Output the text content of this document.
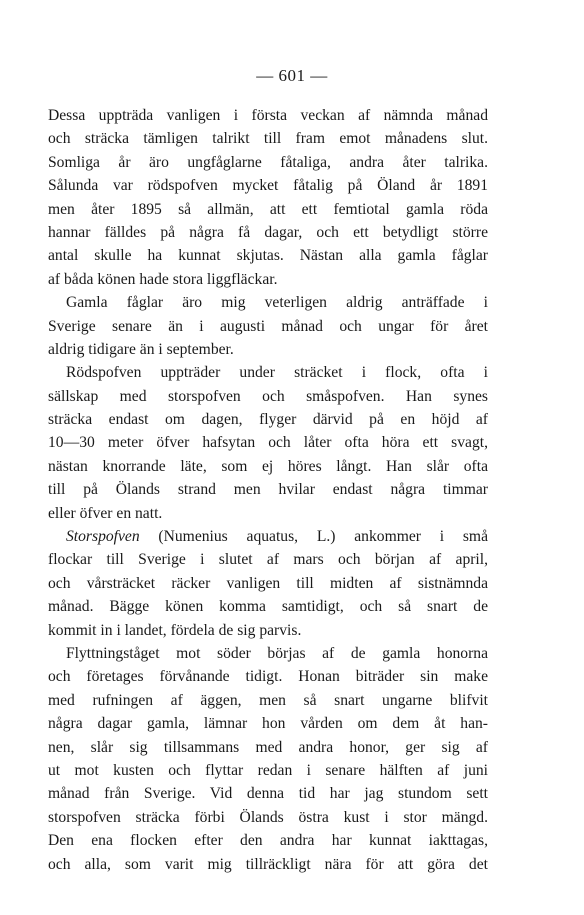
— 601 —
Dessa uppträda vanligen i första veckan af nämnda månad
och sträcka tämligen talrikt till fram emot månadens slut.
Somliga år äro ungfåglarne fåtaliga, andra åter talrika.
Sålunda var rödspofven mycket fåtalig på Öland år 1891
men åter 1895 så allmän, att ett femtiotal gamla röda
hannar fälldes på några få dagar, och ett betydligt större
antal skulle ha kunnat skjutas. Nästan alla gamla fåglar
af båda könen hade stora liggfläckar.
Gamla fåglar äro mig veterligen aldrig anträffade i
Sverige senare än i augusti månad och ungar för året
aldrig tidigare än i september.
Rödspofven uppträder under sträcket i flock, ofta i
sällskap med storspofven och småspofven. Han synes
sträcka endast om dagen, flyger därvid på en höjd af
10—30 meter öfver hafsytan och låter ofta höra ett svagt,
nästan knorrande läte, som ej höres långt. Han slår ofta
till på Ölands strand men hvilar endast några timmar
eller öfver en natt.
Storspofven (Numenius aquatus, L.) ankommer i små
flockar till Sverige i slutet af mars och början af april,
och vårsträcket räcker vanligen till midten af sistnämnda
månad. Bägge könen komma samtidigt, och så snart de
kommit in i landet, fördela de sig parvis.
Flyttningståget mot söder börjas af de gamla honorna
och företages förvånande tidigt. Honan biträder sin make
med rufningen af äggen, men så snart ungarne blifvit
några dagar gamla, lämnar hon vården om dem åt han-
nen, slår sig tillsammans med andra honor, ger sig af
ut mot kusten och flyttar redan i senare hälften af juni
månad från Sverige. Vid denna tid har jag stundom sett
storspofven sträcka förbi Ölands östra kust i stor mängd.
Den ena flocken efter den andra har kunnat iakttagas,
och alla, som varit mig tillräckligt nära för att göra det
